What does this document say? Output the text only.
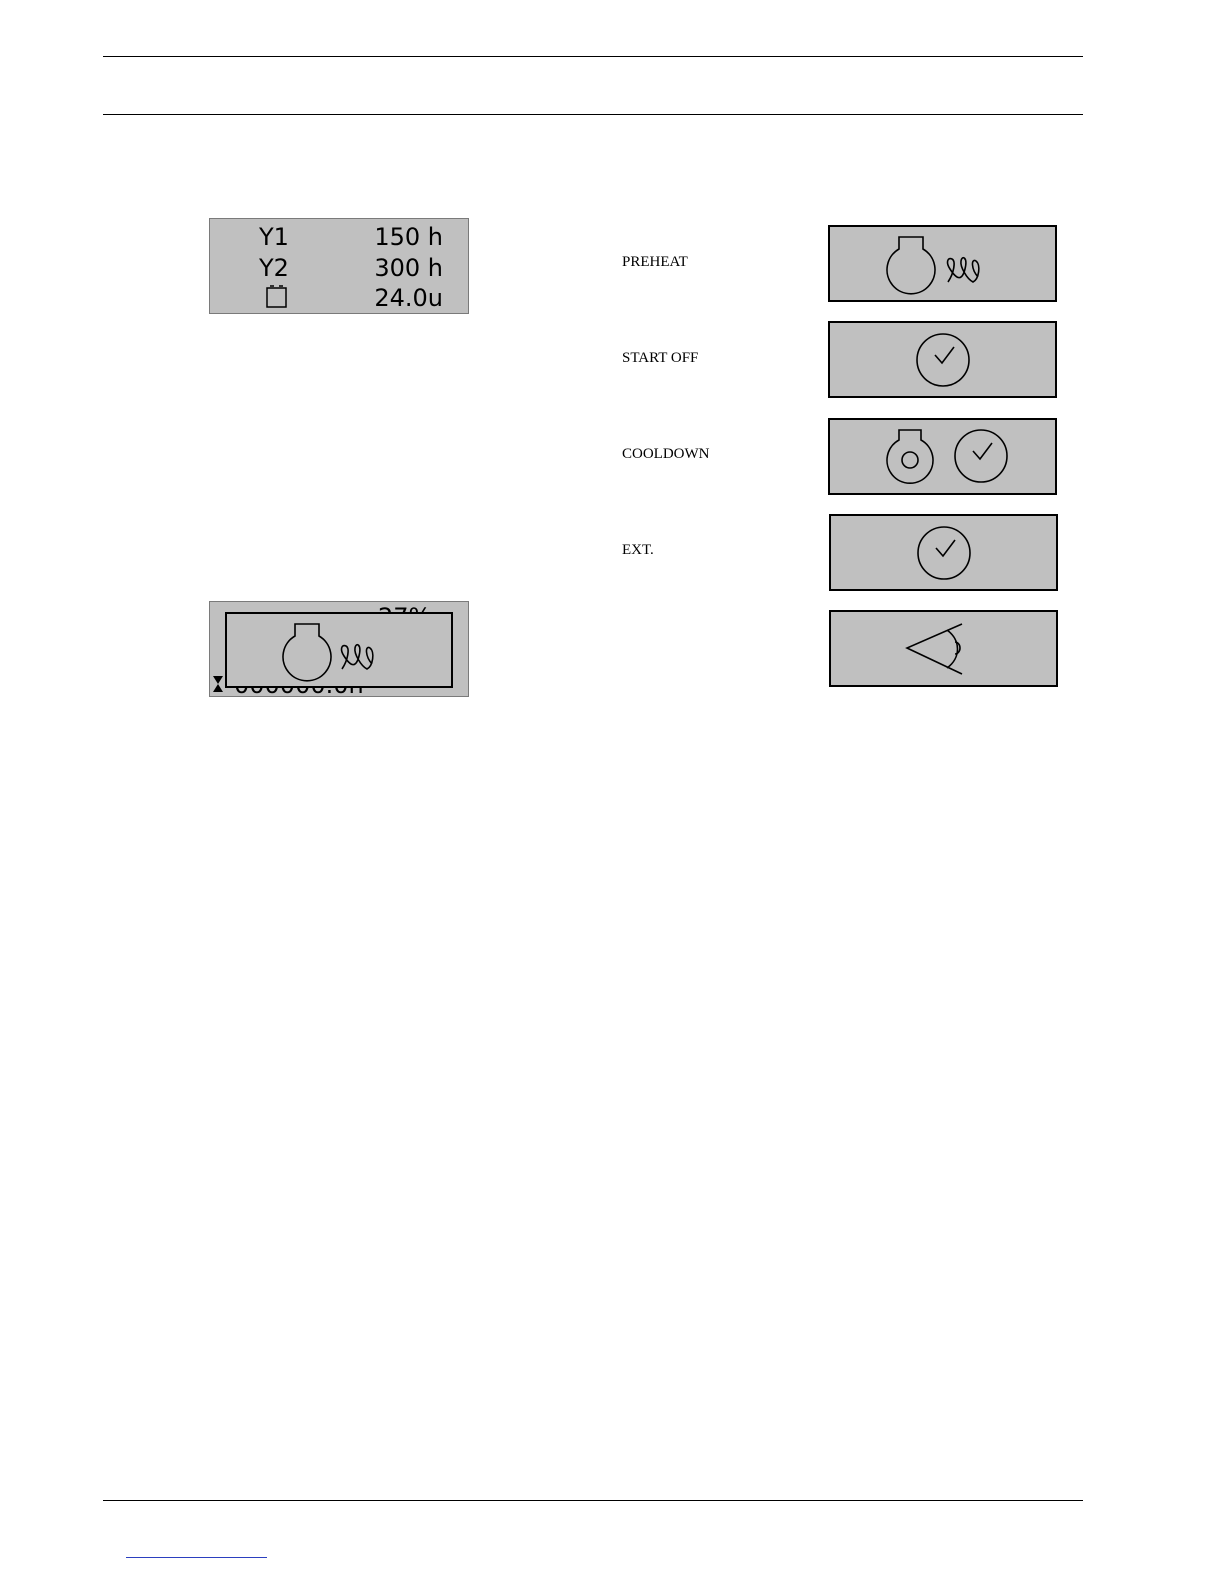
Y1	150 h
Y2	300 h
24.0u
PREHEAT
START OFF
COOLDOWN
EXT.
